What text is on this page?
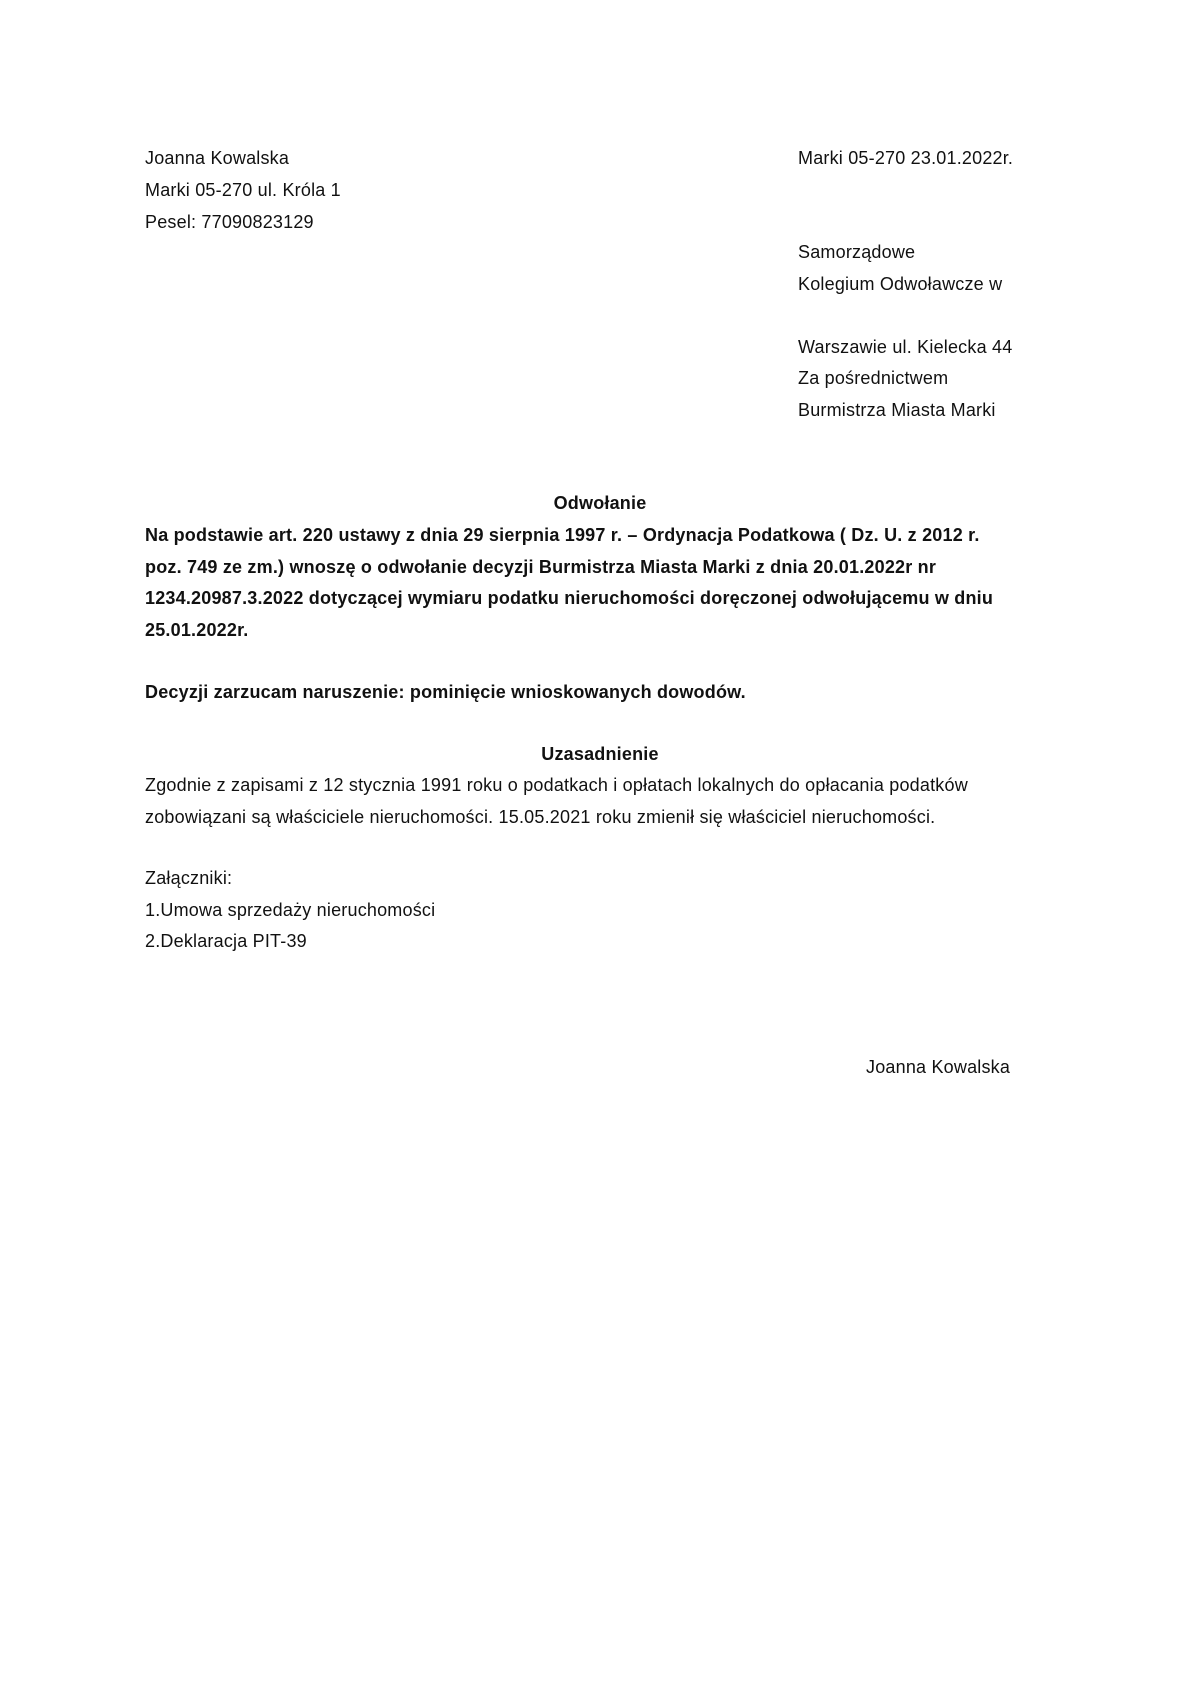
Joanna Kowalska
Marki 05-270 ul. Króla 1
Pesel: 77090823129
Marki 05-270 23.01.2022r.
Samorządowe
Kolegium Odwoławcze w
Warszawie ul. Kielecka 44
Za pośrednictwem
Burmistrza Miasta Marki
Odwołanie
Na podstawie art. 220 ustawy z dnia 29 sierpnia 1997 r. – Ordynacja Podatkowa ( Dz. U. z 2012 r.
poz. 749 ze zm.) wnoszę o odwołanie decyzji Burmistrza Miasta Marki z dnia 20.01.2022r nr
1234.20987.3.2022 dotyczącej wymiaru podatku nieruchomości doręczonej odwołującemu w dniu
25.01.2022r.
Decyzji zarzucam naruszenie: pominięcie wnioskowanych dowodów.
Uzasadnienie
Zgodnie z zapisami z 12 stycznia 1991 roku o podatkach i opłatach lokalnych do opłacania podatków
zobowiązani są właściciele nieruchomości. 15.05.2021 roku zmienił się właściciel nieruchomości.
Załączniki:
1.Umowa sprzedaży nieruchomości
2.Deklaracja PIT-39
Joanna Kowalska
